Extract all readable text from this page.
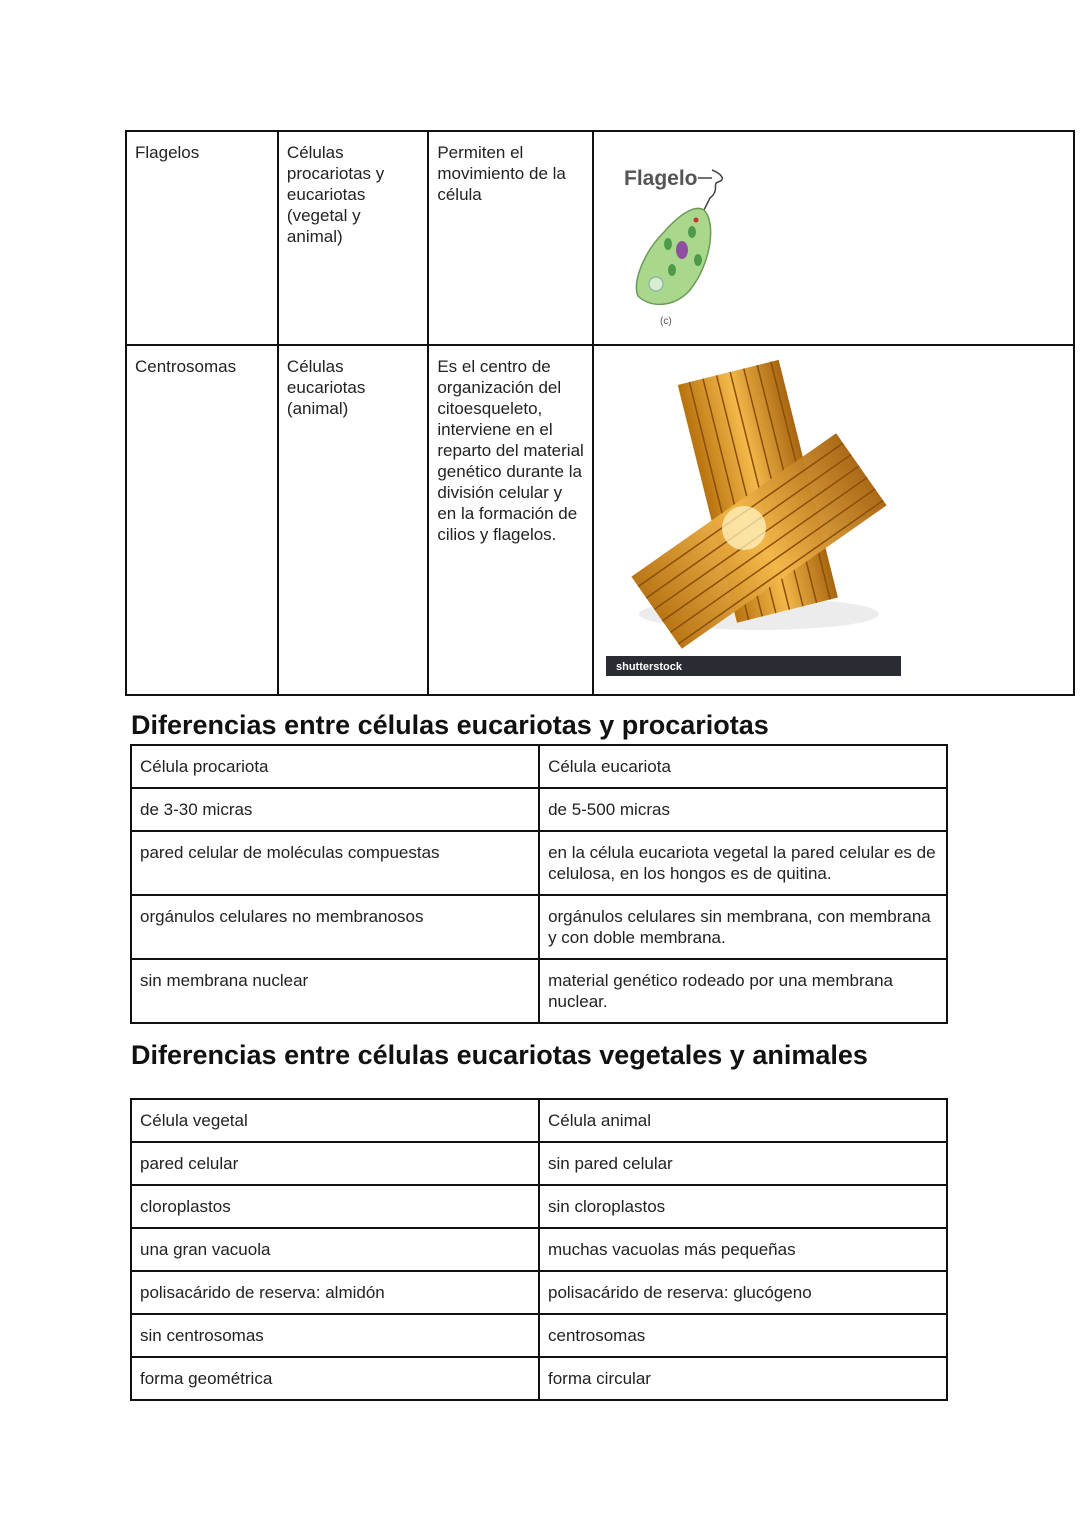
Flagelos	Células procariotas y eucariotas (vegetal y animal)	Permiten el movimiento de la célula	Flagelo
(c)

Centrosomas	Células eucariotas (animal)	Es el centro de organización del citoesqueleto, interviene en el reparto del material genético durante la división celular y en la formación de cilios y flagelos.	shutterstock
Diferencias entre células eucariotas y procariotas
Célula procariota	Célula eucariota
de 3-30 micras	de 5-500 micras
pared celular de moléculas compuestas	en la célula eucariota vegetal la pared celular es de celulosa, en los hongos es de quitina.
orgánulos celulares no membranosos	orgánulos celulares sin membrana, con membrana y con doble membrana.
sin membrana nuclear	material genético rodeado por una membrana nuclear.
Diferencias entre células eucariotas vegetales y animales
Célula vegetal	Célula animal
pared celular	sin pared celular
cloroplastos	sin cloroplastos
una gran vacuola	muchas vacuolas más pequeñas
polisacárido de reserva: almidón	polisacárido de reserva: glucógeno
sin centrosomas	centrosomas
forma geométrica	forma circular
